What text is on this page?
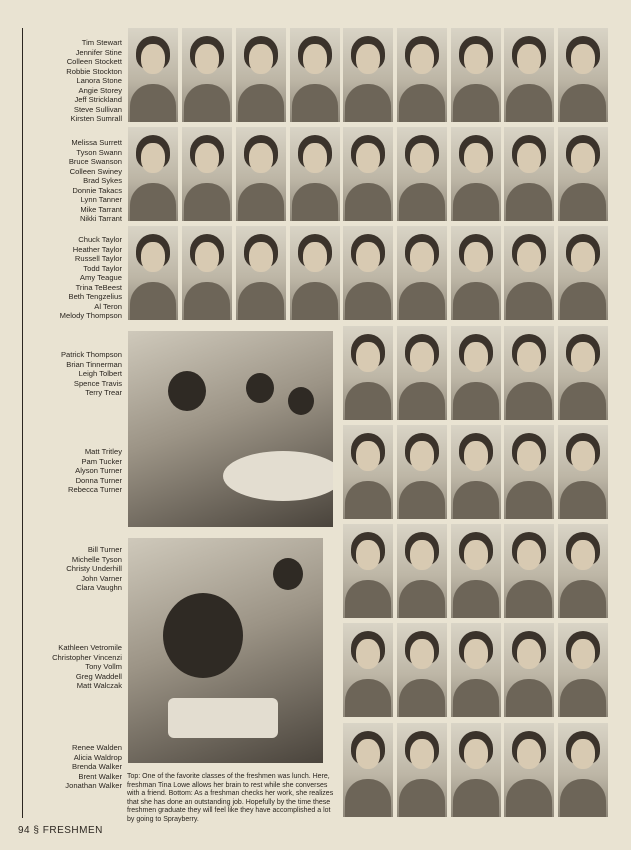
Tim Stewart
Jennifer Stine
Colleen Stockett
Robbie Stockton
Lanora Stone
Angie Storey
Jeff Strickland
Steve Sullivan
Kirsten Sumrall
Melissa Surrett
Tyson Swann
Bruce Swanson
Colleen Swiney
Brad Sykes
Donnie Takacs
Lynn Tanner
Mike Tarrant
Nikki Tarrant
Chuck Taylor
Heather Taylor
Russell Taylor
Todd Taylor
Amy Teague
Trina TeBeest
Beth Tengzelius
Al Teron
Melody Thompson
Patrick Thompson
Brian Tinnerman
Leigh Tolbert
Spence Travis
Terry Trear
Matt Tritley
Pam Tucker
Alyson Turner
Donna Turner
Rebecca Turner
Bill Turner
Michelle Tyson
Christy Underhill
John Varner
Clara Vaughn
Kathleen Vetromile
Christopher Vincenzi
Tony Vollm
Greg Waddell
Matt Walczak
Renee Walden
Alicia Waldrop
Brenda Walker
Brent Walker
Jonathan Walker
Top: One of the favorite classes of the freshmen was lunch. Here, freshman Tina Lowe allows her brain to rest while she converses with a friend. Bottom: As a freshman checks her work, she realizes that she has done an outstanding job. Hopefully by the time these freshmen graduate they will feel like they have accomplished a lot by going to Sprayberry.
94 § FRESHMEN
